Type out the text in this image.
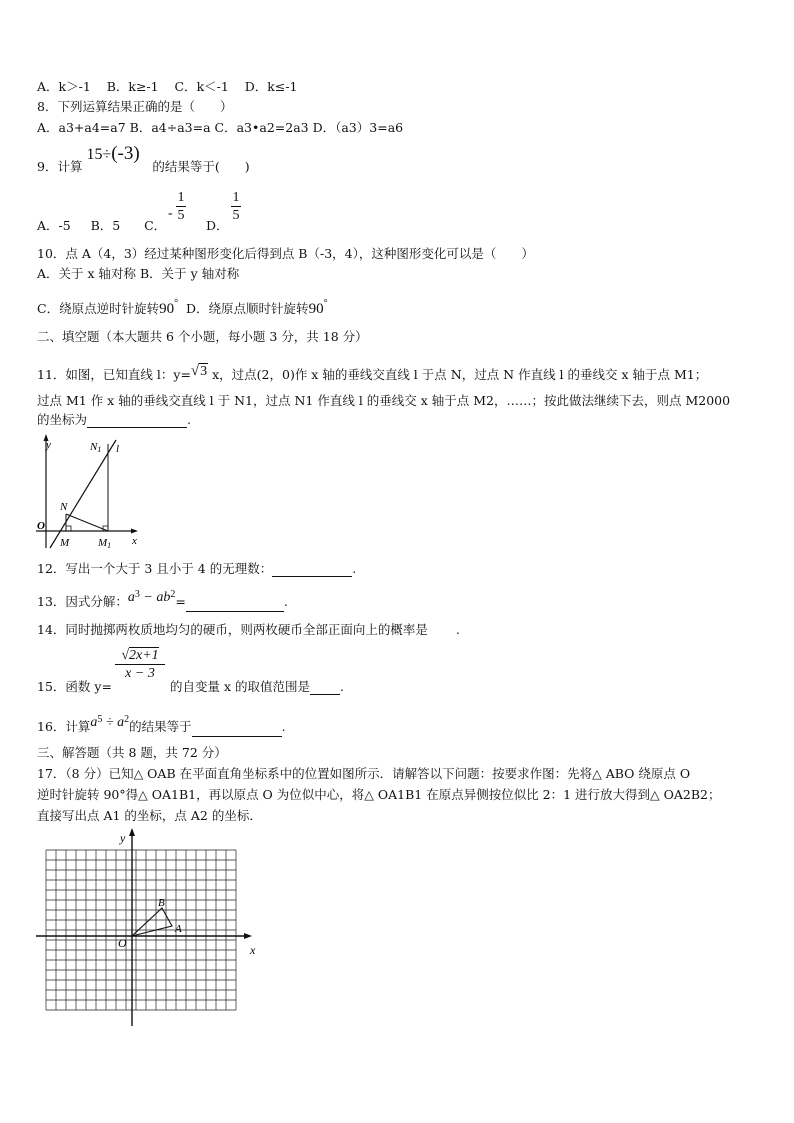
A．k＞-1 B．k≥-1 C．k＜-1 D．k≤-1
8．下列运算结果正确的是（　　）
A．a3+a4=a7 B．a4÷a3=a C．a3•a2=2a3 D．（a3）3=a6
9．计算 15÷(-3) 的结果等于(　　)
A．-5 B．5 C．
-
1
5
D．
1
5
10．点 A（4，3）经过某种图形变化后得到点 B（-3，4），这种图形变化可以是（　　）
A．关于 x 轴对称 B．关于 y 轴对称
C．绕原点逆时针旋转90° D．绕原点顺时针旋转90°
二、填空题（本大题共 6 个小题，每小题 3 分，共 18 分）
11．如图，已知直线 l：y=√3 x，过点(2，0)作 x 轴的垂线交直线 l 于点 N，过点 N 作直线 l 的垂线交 x 轴于点 M1；
过点 M1 作 x 轴的垂线交直线 l 于 N1，过点 N1 作直线 l 的垂线交 x 轴于点 M2，……；按此做法继续下去，则点 M2000
的坐标为	.
y
x
O
N
N1 l
M	M1
12．写出一个大于 3 且小于 4 的无理数：	.
13．因式分解：$a^3 - ab^2=$	.
14．同时抛掷两枚质地均匀的硬币，则两枚硬币全部正面向上的概率是 .
15．函数 y=
√2x+1
x − 3
的自变量 x 的取值范围是 .
16．计算$a^5 \div a^2$的结果等于	.
三、解答题（共 8 题，共 72 分）
17．（8 分）已知△ OAB 在平面直角坐标系中的位置如图所示．请解答以下问题：按要求作图：先将△ ABO 绕原点 O
逆时针旋转 90°得△ OA1B1，再以原点 O 为位似中心，将△ OA1B1 在原点异侧按位似比 2：1 进行放大得到△ OA2B2；
直接写出点 A1 的坐标，点 A2 的坐标．
y
x
O
A
B
